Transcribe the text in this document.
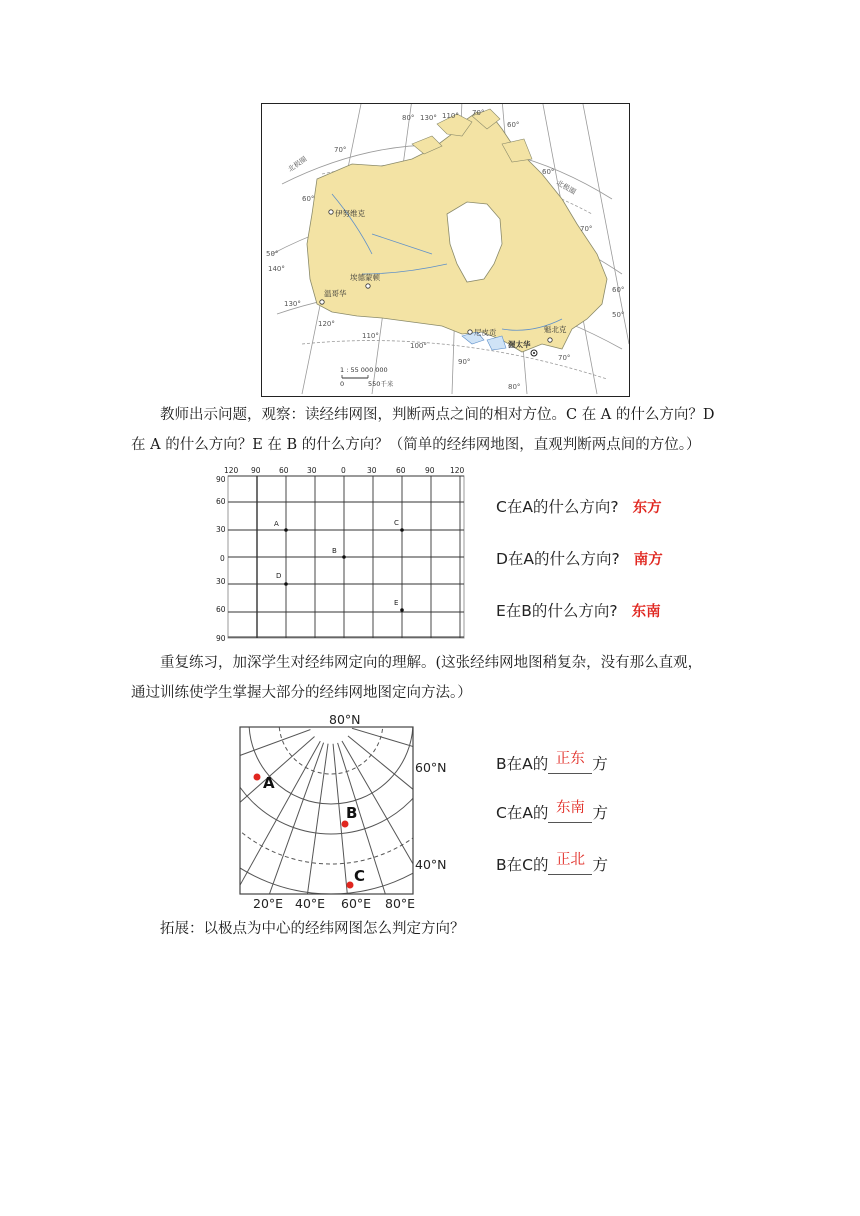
80° 130° 110° 70°
60°
70°
60°
60°
50°
140°
130°
120°
110°
100°
90°
80°
70°
60°
70°
50°
北极圈
北极圈
伊努维克
埃德蒙顿
温哥华
尼皮贡	魁北克
渥太华
1 : 55 000 000
0	550千米
教师出示问题，观察：读经纬网图，判断两点之间的相对方位。C 在 A 的什么方向？D
在 A 的什么方向？E 在 B 的什么方向？（简单的经纬网地图，直观判断两点间的方位。）
120 90 60 30	0	30	60	90 120
90
60
30
0
30
60
90
A
B
C
D
E
C在A的什么方向? 东方
D在A的什么方向? 南方
E在B的什么方向? 东南
重复练习，加深学生对经纬网定向的理解。(这张经纬网地图稍复杂，没有那么直观，
通过训练使学生掌握大部分的经纬网地图定向方法。）
80°N
60°N
40°N
20°E 40°E 60°E 80°E
A
B
C
B在A的 正东 方
C在A的 东南 方
B在C的 正北 方
拓展：以极点为中心的经纬网图怎么判定方向？
